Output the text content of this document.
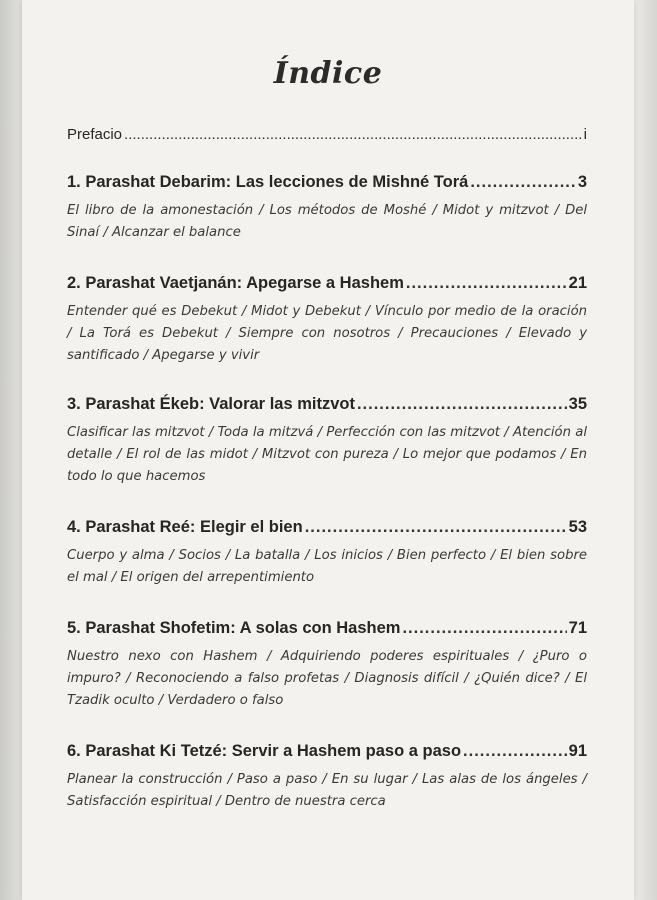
Índice
Prefacio .....	i
1. Parashat Debarim: Las lecciones de Mishné Torá .....	3
El libro de la amonestación / Los métodos de Moshé / Midot y mitzvot / Del Sinaí / Alcanzar el balance
2. Parashat Vaetjanán: Apegarse a Hashem .....	21
Entender qué es Debekut / Midot y Debekut / Vínculo por medio de la oración / La Torá es Debekut / Siempre con nosotros / Precauciones / Elevado y santificado / Apegarse y vivir
3. Parashat Ékeb: Valorar las mitzvot .....	35
Clasificar las mitzvot / Toda la mitzvá / Perfección con las mitzvot / Atención al detalle / El rol de las midot / Mitzvot con pureza / Lo mejor que podamos / En todo lo que hacemos
4. Parashat Reé: Elegir el bien .....	53
Cuerpo y alma / Socios / La batalla / Los inicios / Bien perfecto / El bien sobre el mal / El origen del arrepentimiento
5. Parashat Shofetim: A solas con Hashem .....	71
Nuestro nexo con Hashem / Adquiriendo poderes espirituales / ¿Puro o impuro? / Reconociendo a falso profetas / Diagnosis difícil / ¿Quién dice? / El Tzadik oculto / Verdadero o falso
6. Parashat Ki Tetzé: Servir a Hashem paso a paso .....	91
Planear la construcción / Paso a paso / En su lugar / Las alas de los ángeles / Satisfacción espiritual / Dentro de nuestra cerca
